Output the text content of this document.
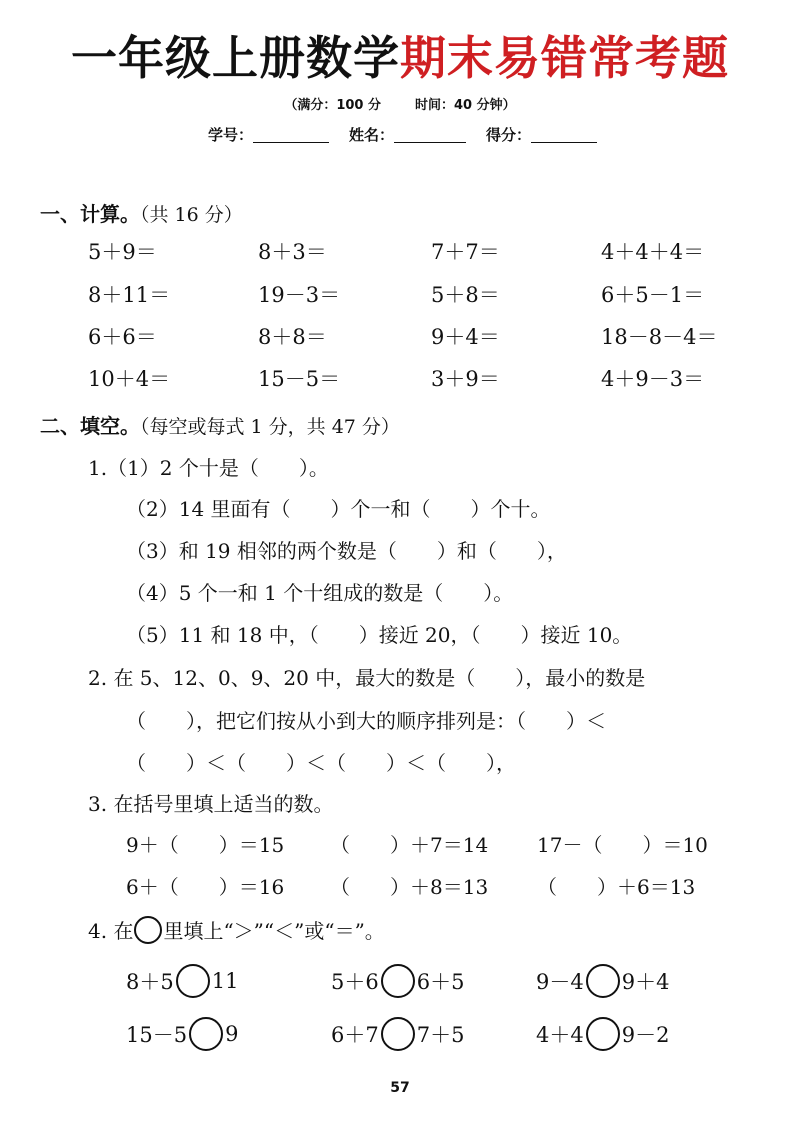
一年级上册数学期末易错常考题
（满分：100 分	时间：40 分钟）
学号：	姓名：	得分：
一、计算。（共 16 分）
5＋9＝	8＋3＝	7＋7＝	4＋4＋4＝
8＋11＝	19－3＝	5＋8＝	6＋5－1＝
6＋6＝	8＋8＝	9＋4＝	18－8－4＝
10＋4＝	15－5＝	3＋9＝	4＋9－3＝
二、填空。（每空或每式 1 分，共 47 分）
1.（1）2 个十是（　　）。
（2）14 里面有（　　）个一和（　　）个十。
（3）和 19 相邻的两个数是（　　）和（　　），
（4）5 个一和 1 个十组成的数是（　　）。
（5）11 和 18 中，（　　）接近 20，（　　）接近 10。
2. 在 5、12、0、9、20 中，最大的数是（　　），最小的数是
（　　），把它们按从小到大的顺序排列是：（　　）＜
（　　）＜（　　）＜（　　）＜（　　），
3. 在括号里填上适当的数。
9＋（　　）＝15 （　　）＋7＝14 17－（　　）＝10
6＋（　　）＝16 （　　）＋8＝13 （　　）＋6＝13
4. 在 里填上“＞”“＜”或“＝”。
8＋5 11	5＋6 6＋5	9－4 9＋4
15－5 9	6＋7 7＋5	4＋4 9－2
57
